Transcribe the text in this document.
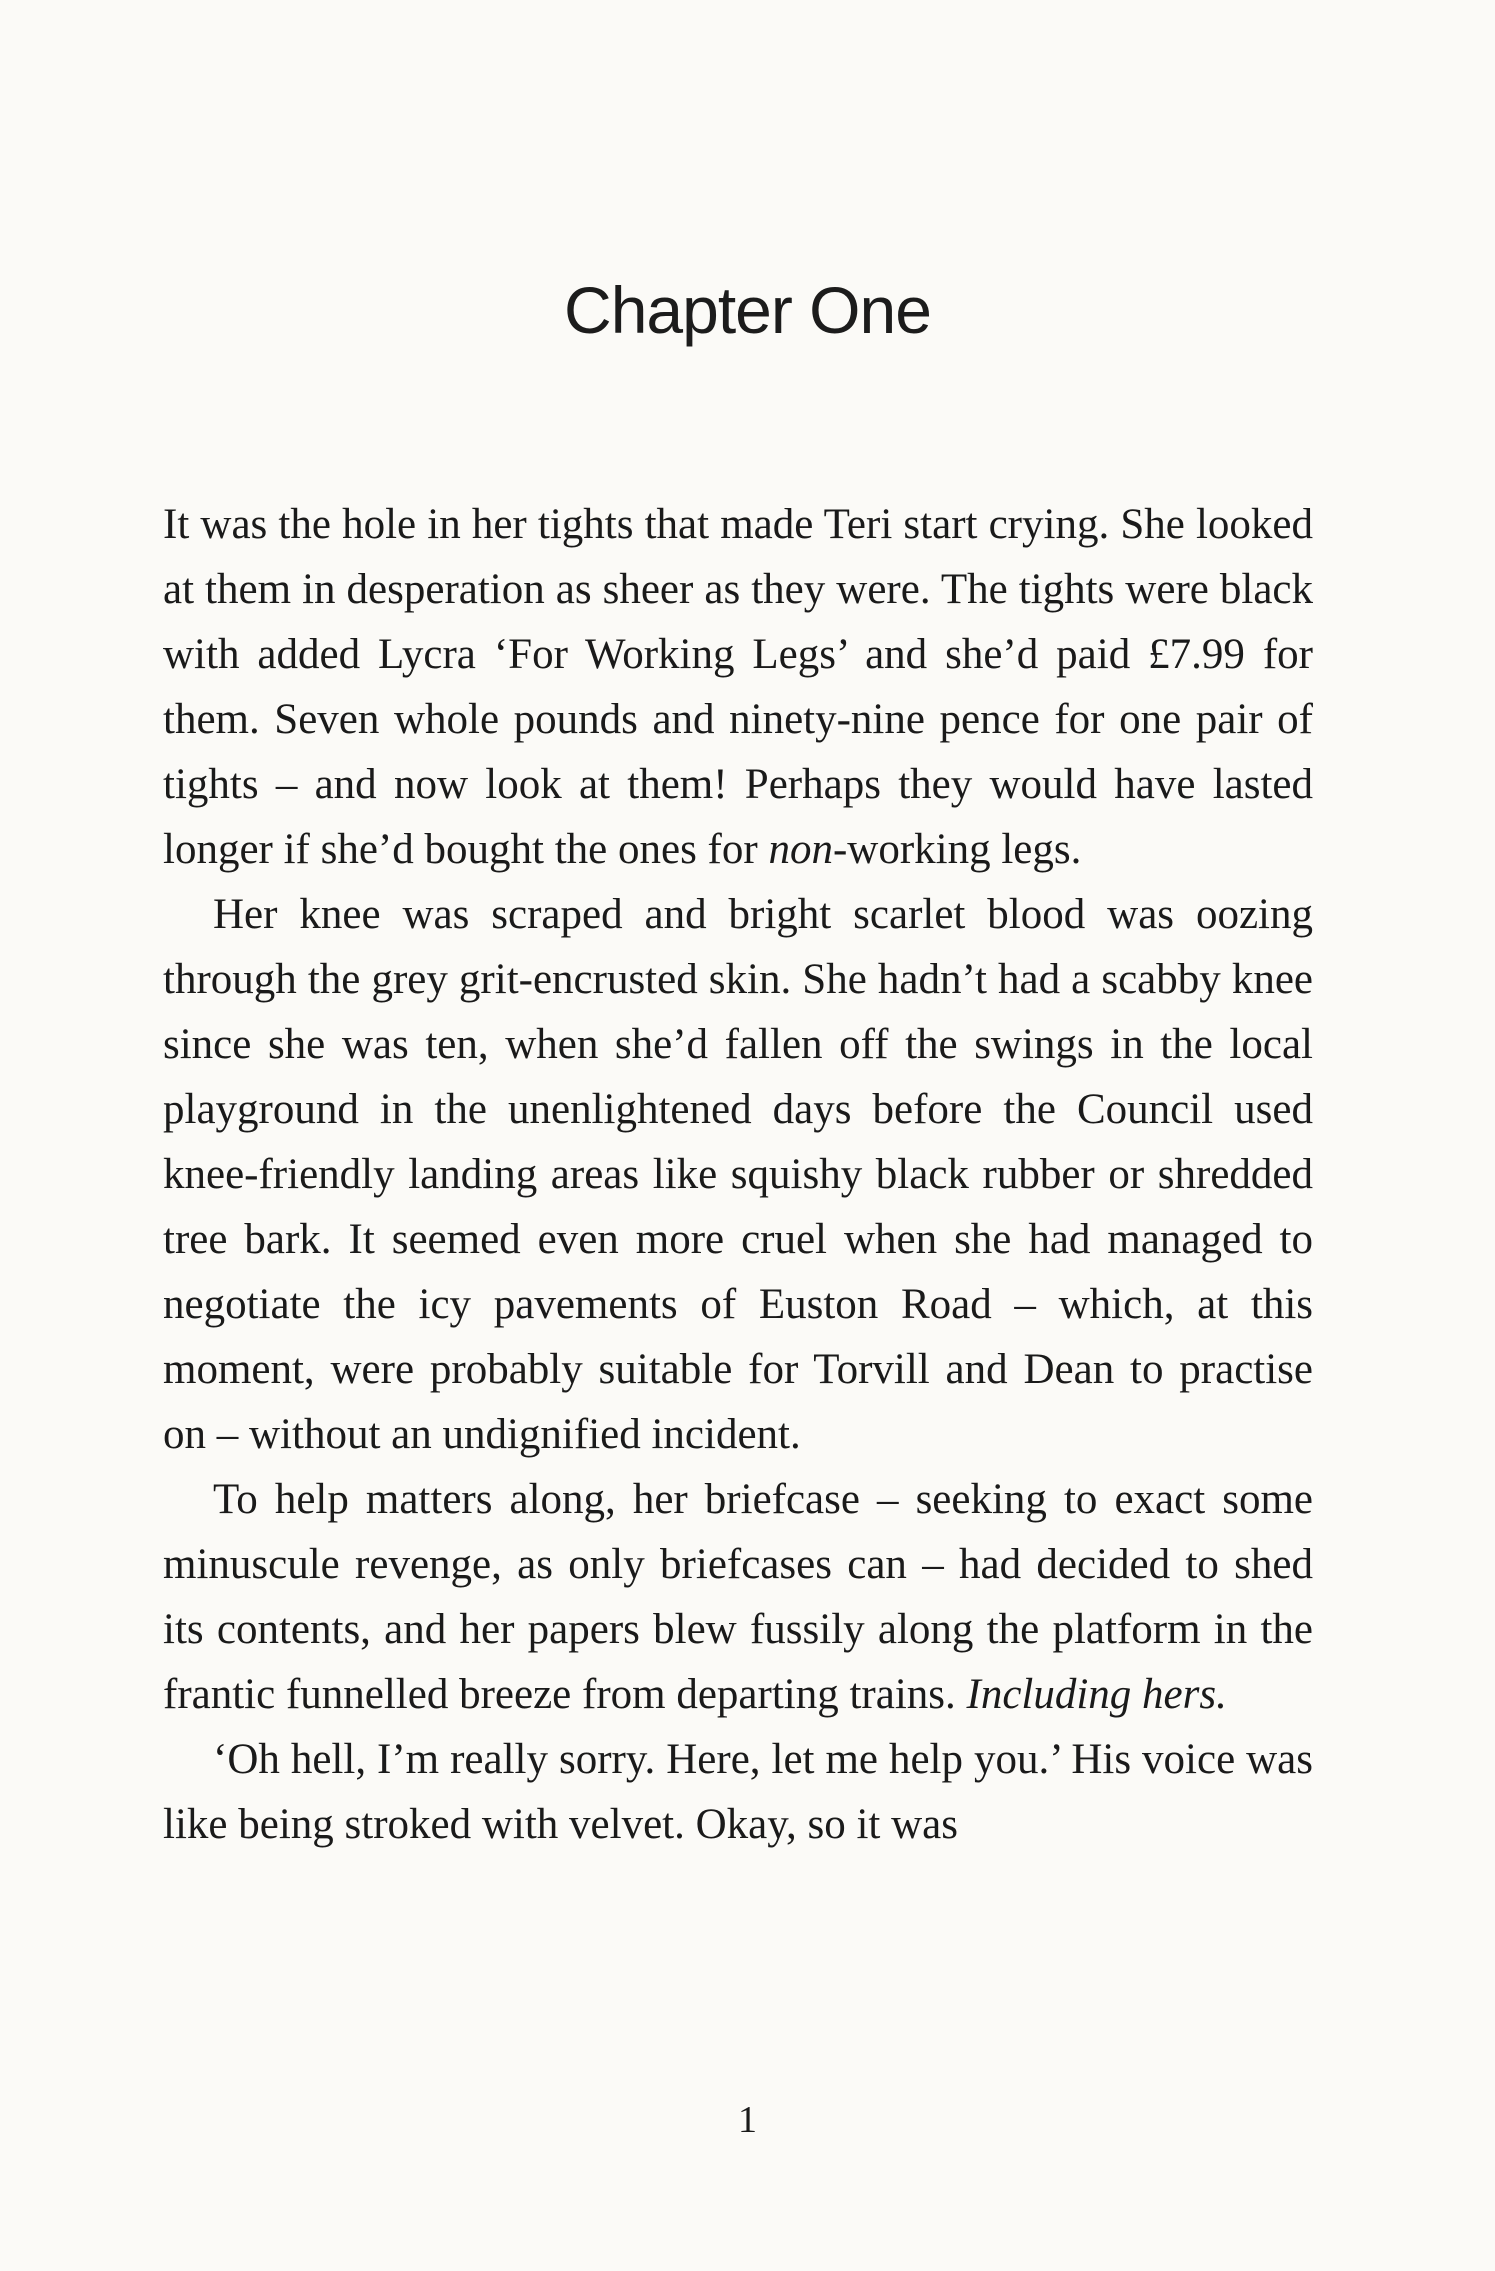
Chapter One

It was the hole in her tights that made Teri start crying. She looked at them in desperation as sheer as they were. The tights were black with added Lycra ‘For Working Legs’ and she’d paid £7.99 for them. Seven whole pounds and ninety-nine pence for one pair of tights – and now look at them! Perhaps they would have lasted longer if she’d bought the ones for non-working legs.

Her knee was scraped and bright scarlet blood was oozing through the grey grit-encrusted skin. She hadn’t had a scabby knee since she was ten, when she’d fallen off the swings in the local playground in the unenlightened days before the Council used knee-friendly landing areas like squishy black rubber or shredded tree bark. It seemed even more cruel when she had managed to negotiate the icy pavements of Euston Road – which, at this moment, were probably suitable for Torvill and Dean to practise on – without an undignified incident.

To help matters along, her briefcase – seeking to exact some minuscule revenge, as only briefcases can – had decided to shed its contents, and her papers blew fussily along the platform in the frantic funnelled breeze from departing trains. Including hers.

‘Oh hell, I’m really sorry. Here, let me help you.’ His voice was like being stroked with velvet. Okay, so it was

1
